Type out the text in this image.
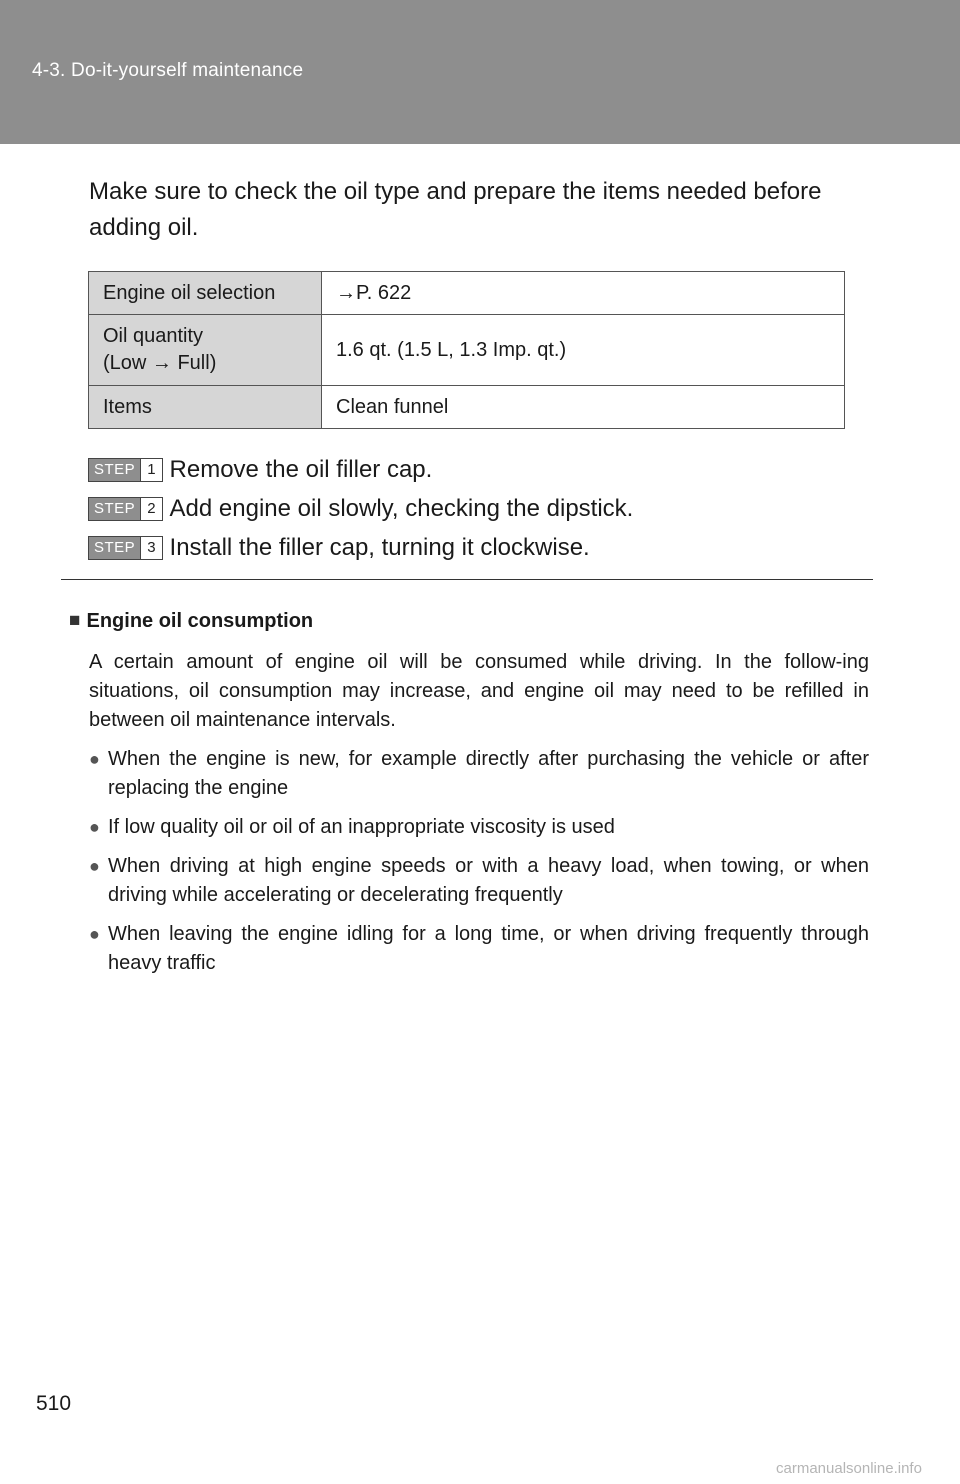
4-3. Do-it-yourself maintenance
Make sure to check the oil type and prepare the items needed before adding oil.
Engine oil selection	→P. 622

Oil quantity
(Low → Full)	1.6 qt. (1.5 L, 1.3 Imp. qt.)

Items	Clean funnel
STEP 1 Remove the oil filler cap.
STEP 2 Add engine oil slowly, checking the dipstick.
STEP 3 Install the filler cap, turning it clockwise.
■ Engine oil consumption
A certain amount of engine oil will be consumed while driving. In the follow-ing situations, oil consumption may increase, and engine oil may need to be refilled in between oil maintenance intervals.
● When the engine is new, for example directly after purchasing the vehicle or after replacing the engine
● If low quality oil or oil of an inappropriate viscosity is used
● When driving at high engine speeds or with a heavy load, when towing, or when driving while accelerating or decelerating frequently
● When leaving the engine idling for a long time, or when driving frequently through heavy traffic
510
carmanualsonline.info
